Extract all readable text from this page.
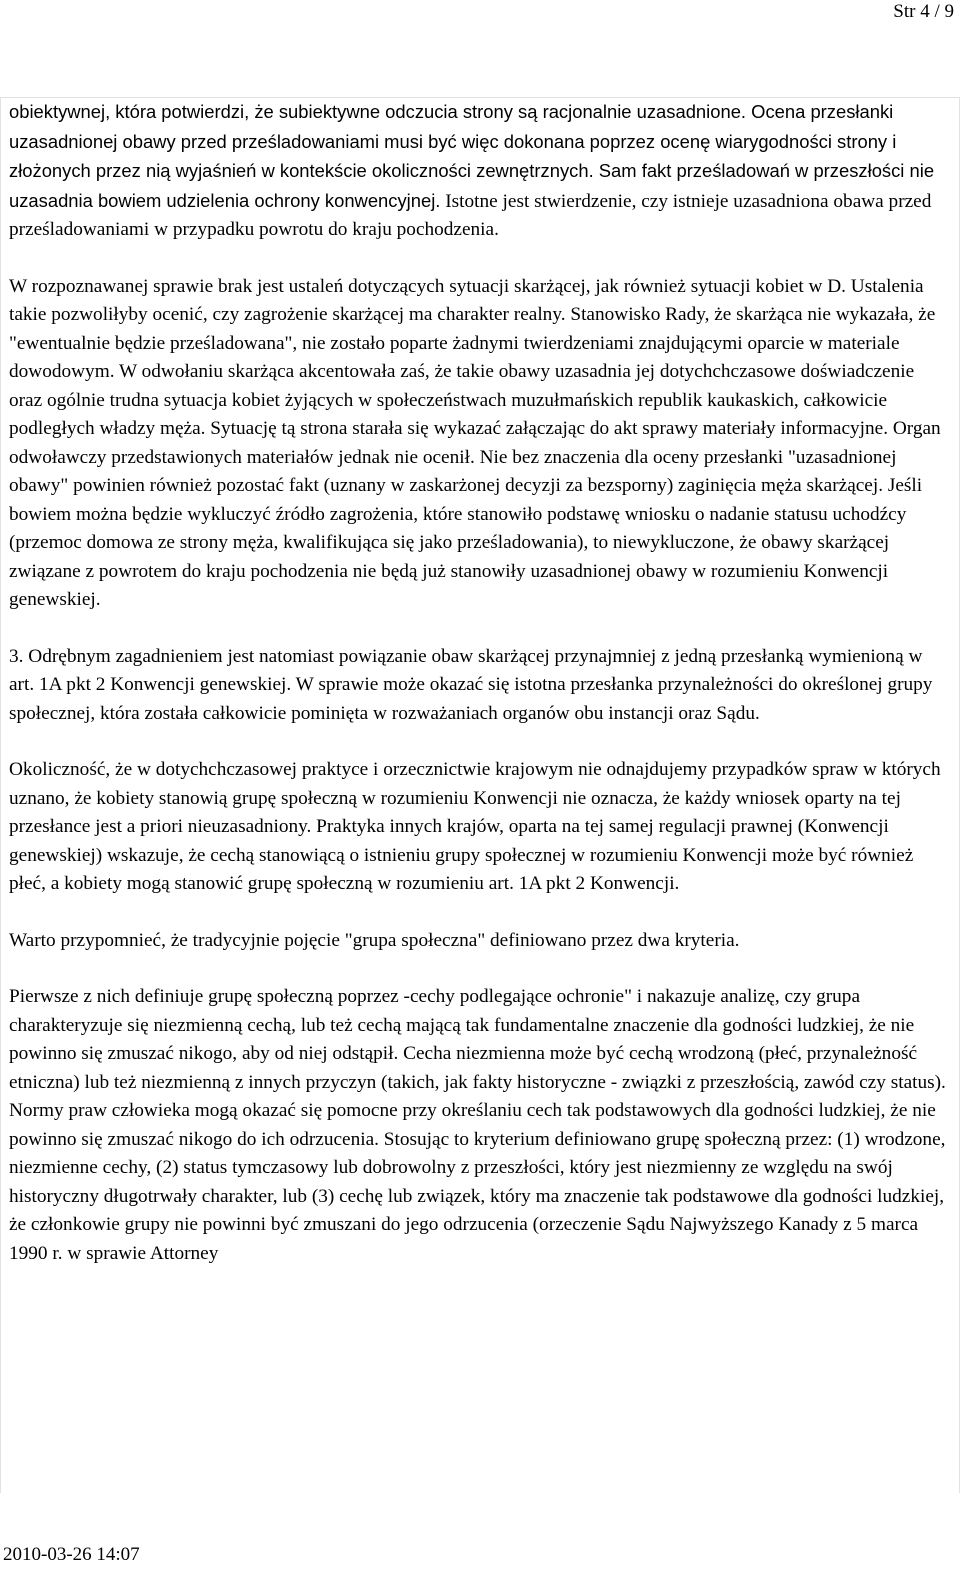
Str 4 / 9

obiektywnej, która potwierdzi, że subiektywne odczucia strony są racjonalnie uzasadnione. Ocena przesłanki uzasadnionej obawy przed prześladowaniami musi być więc dokonana poprzez ocenę wiarygodności strony i złożonych przez nią wyjaśnień w kontekście okoliczności zewnętrznych. Sam fakt prześladowań w przeszłości nie uzasadnia bowiem udzielenia ochrony konwencyjnej. Istotne jest stwierdzenie, czy istnieje uzasadniona obawa przed prześladowaniami w przypadku powrotu do kraju pochodzenia.

W rozpoznawanej sprawie brak jest ustaleń dotyczących sytuacji skarżącej, jak również sytuacji kobiet w D. Ustalenia takie pozwoliłyby ocenić, czy zagrożenie skarżącej ma charakter realny. Stanowisko Rady, że skarżąca nie wykazała, że "ewentualnie będzie prześladowana", nie zostało poparte żadnymi twierdzeniami znajdującymi oparcie w materiale dowodowym. W odwołaniu skarżąca akcentowała zaś, że takie obawy uzasadnia jej dotychchczasowe doświadczenie oraz ogólnie trudna sytuacja kobiet żyjących w społeczeństwach muzułmańskich republik kaukaskich, całkowicie podległych władzy męża. Sytuację tą strona starała się wykazać załączając do akt sprawy materiały informacyjne. Organ odwoławczy przedstawionych materiałów jednak nie ocenił. Nie bez znaczenia dla oceny przesłanki "uzasadnionej obawy" powinien również pozostać fakt (uznany w zaskarżonej decyzji za bezsporny) zaginięcia męża skarżącej. Jeśli bowiem można będzie wykluczyć źródło zagrożenia, które stanowiło podstawę wniosku o nadanie statusu uchodźcy (przemoc domowa ze strony męża, kwalifikująca się jako prześladowania), to niewykluczone, że obawy skarżącej związane z powrotem do kraju pochodzenia nie będą już stanowiły uzasadnionej obawy w rozumieniu Konwencji genewskiej.

3. Odrębnym zagadnieniem jest natomiast powiązanie obaw skarżącej przynajmniej z jedną przesłanką wymienioną w art. 1A pkt 2 Konwencji genewskiej. W sprawie może okazać się istotna przesłanka przynależności do określonej grupy społecznej, która została całkowicie pominięta w rozważaniach organów obu instancji oraz Sądu.

Okoliczność, że w dotychchczasowej praktyce i orzecznictwie krajowym nie odnajdujemy przypadków spraw w których uznano, że kobiety stanowią grupę społeczną w rozumieniu Konwencji nie oznacza, że każdy wniosek oparty na tej przesłance jest a priori nieuzasadniony. Praktyka innych krajów, oparta na tej samej regulacji prawnej (Konwencji genewskiej) wskazuje, że cechą stanowiącą o istnieniu grupy społecznej w rozumieniu Konwencji może być również płeć, a kobiety mogą stanowić grupę społeczną w rozumieniu art. 1A pkt 2 Konwencji.

Warto przypomnieć, że tradycyjnie pojęcie "grupa społeczna" definiowano przez dwa kryteria.

Pierwsze z nich definiuje grupę społeczną poprzez -cechy podlegające ochronie" i nakazuje analizę, czy grupa charakteryzuje się niezmienną cechą, lub też cechą mającą tak fundamentalne znaczenie dla godności ludzkiej, że nie powinno się zmuszać nikogo, aby od niej odstąpił. Cecha niezmienna może być cechą wrodzoną (płeć, przynależność etniczna) lub też niezmienną z innych przyczyn (takich, jak fakty historyczne - związki z przeszłością, zawód czy status). Normy praw człowieka mogą okazać się pomocne przy określaniu cech tak podstawowych dla godności ludzkiej, że nie powinno się zmuszać nikogo do ich odrzucenia. Stosując to kryterium definiowano grupę społeczną przez: (1) wrodzone, niezmienne cechy, (2) status tymczasowy lub dobrowolny z przeszłości, który jest niezmienny ze względu na swój historyczny długotrwały charakter, lub (3) cechę lub związek, który ma znaczenie tak podstawowe dla godności ludzkiej, że członkowie grupy nie powinni być zmuszani do jego odrzucenia (orzeczenie Sądu Najwyższego Kanady z 5 marca 1990 r. w sprawie Attorney

2010-03-26 14:07
